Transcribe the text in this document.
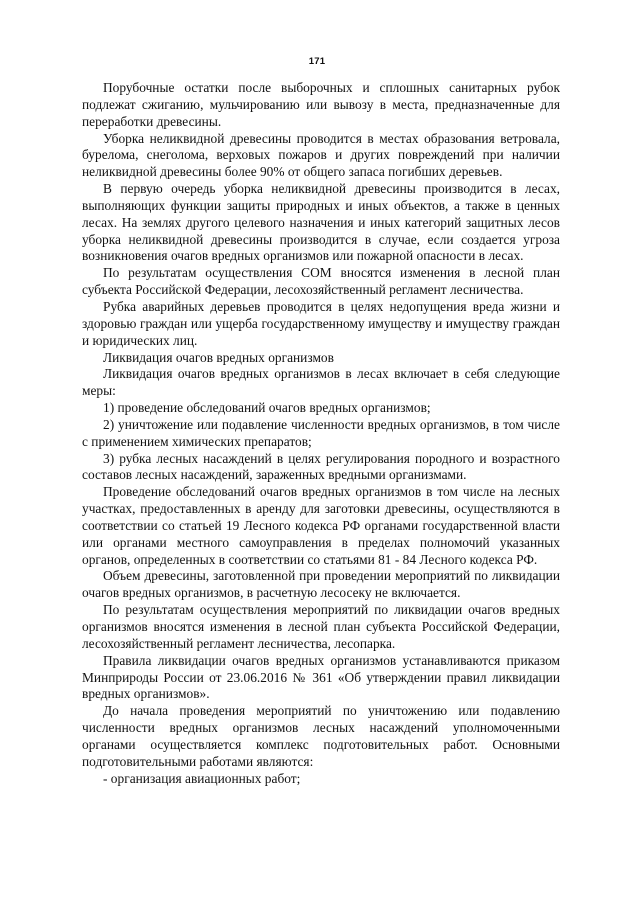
171

Порубочные остатки после выборочных и сплошных санитарных рубок подлежат сжиганию, мульчированию или вывозу в места, предназначенные для переработки древесины.

Уборка неликвидной древесины проводится в местах образования ветровала, бурелома, снеголома, верховых пожаров и других повреждений при наличии неликвидной древесины более 90% от общего запаса погибших деревьев.

В первую очередь уборка неликвидной древесины производится в лесах, выполняющих функции защиты природных и иных объектов, а также в ценных лесах. На землях другого целевого назначения и иных категорий защитных лесов уборка неликвидной древесины производится в случае, если создается угроза возникновения очагов вредных организмов или пожарной опасности в лесах.

По результатам осуществления СОМ вносятся изменения в лесной план субъекта Российской Федерации, лесохозяйственный регламент лесничества.

Рубка аварийных деревьев проводится в целях недопущения вреда жизни и здоровью граждан или ущерба государственному имуществу и имуществу граждан и юридических лиц.

Ликвидация очагов вредных организмов

Ликвидация очагов вредных организмов в лесах включает в себя следующие меры:

1) проведение обследований очагов вредных организмов;

2) уничтожение или подавление численности вредных организмов, в том числе с применением химических препаратов;

3) рубка лесных насаждений в целях регулирования породного и возрастного составов лесных насаждений, зараженных вредными организмами.

Проведение обследований очагов вредных организмов в том числе на лесных участках, предоставленных в аренду для заготовки древесины, осуществляются в соответствии со статьей 19 Лесного кодекса РФ органами государственной власти или органами местного самоуправления в пределах полномочий указанных органов, определенных в соответствии со статьями 81 - 84 Лесного кодекса РФ.

Объем древесины, заготовленной при проведении мероприятий по ликвидации очагов вредных организмов, в расчетную лесосеку не включается.

По результатам осуществления мероприятий по ликвидации очагов вредных организмов вносятся изменения в лесной план субъекта Российской Федерации, лесохозяйственный регламент лесничества, лесопарка.

Правила ликвидации очагов вредных организмов устанавливаются приказом Минприроды России от 23.06.2016 № 361 «Об утверждении правил ликвидации вредных организмов».

До начала проведения мероприятий по уничтожению или подавлению численности вредных организмов лесных насаждений уполномоченными органами осуществляется комплекс подготовительных работ. Основными подготовительными работами являются:

- организация авиационных работ;
